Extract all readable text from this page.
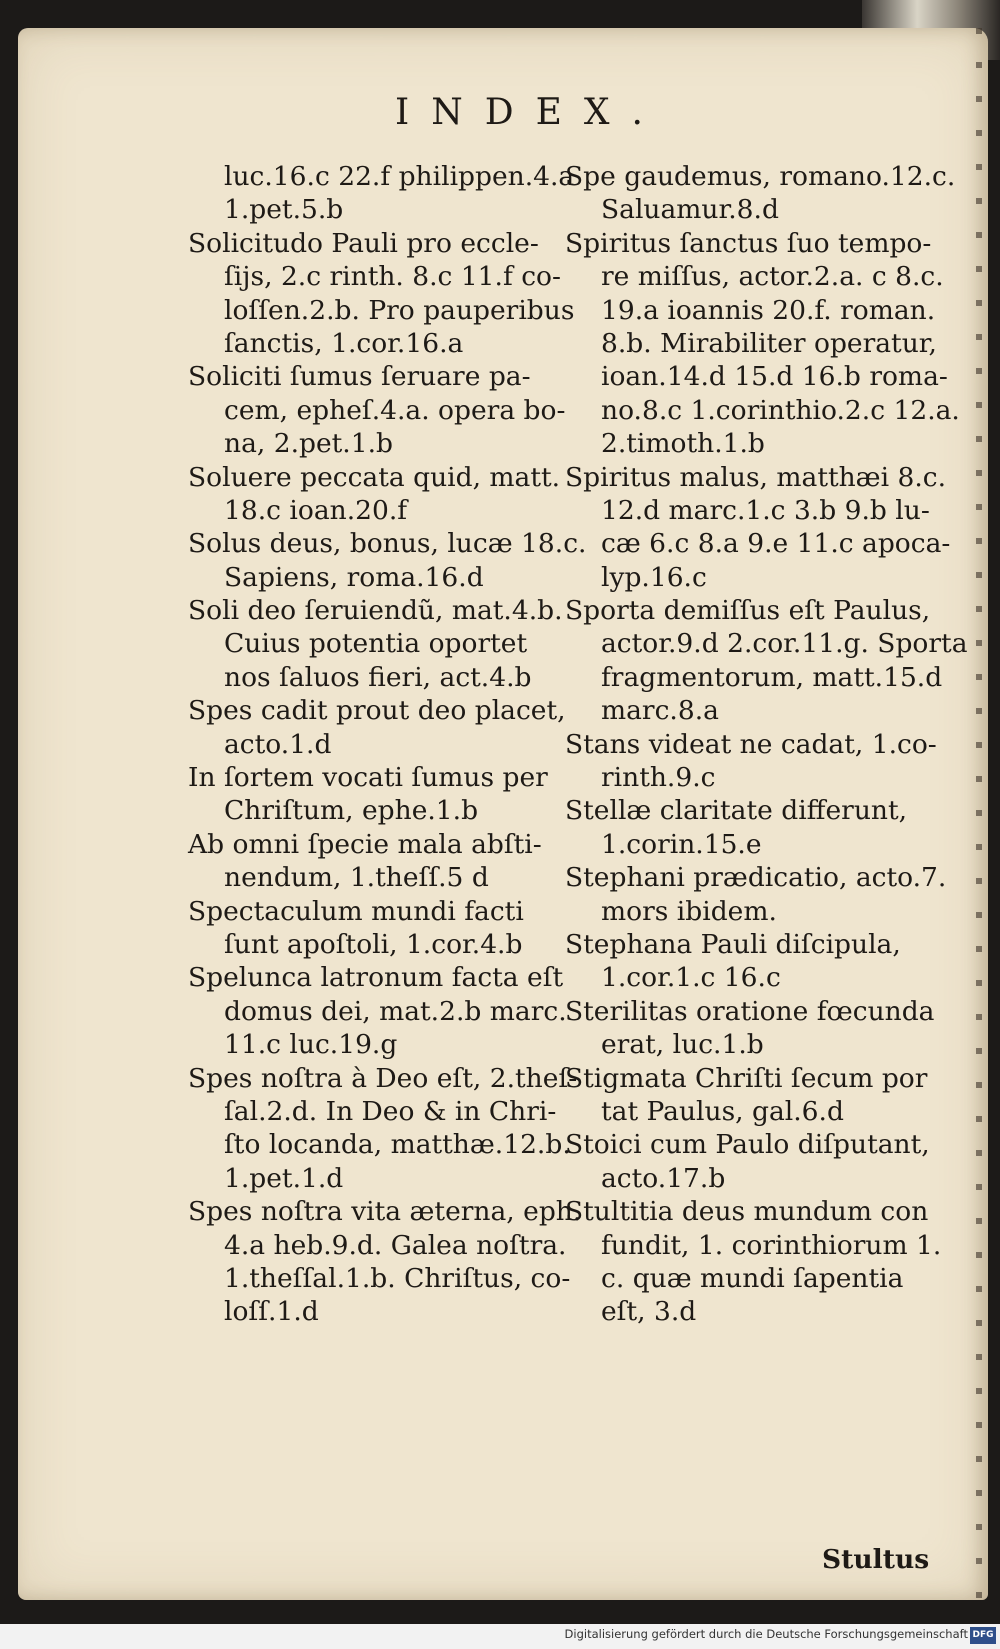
INDEX.
luc.16.c 22.f philippen.4.a
1.pet.5.b
Solicitudo Pauli pro eccle-
ſijs, 2.c rinth. 8.c 11.f co-
loſſen.2.b. Pro pauperibus
ſanctis, 1.cor.16.a
Soliciti ſumus ſeruare pa-
cem, epheſ.4.a. opera bo-
na, 2.pet.1.b
Soluere peccata quid, matt.
18.c ioan.20.f
Solus deus, bonus, lucæ 18.c.
Sapiens, roma.16.d
Soli deo ſeruiendũ, mat.4.b.
Cuius potentia oportet
nos ſaluos fieri, act.4.b
Spes cadit prout deo placet,
acto.1.d
In ſortem vocati ſumus per
Chriſtum, ephe.1.b
Ab omni ſpecie mala abſti-
nendum, 1.theſſ.5 d
Spectaculum mundi facti
ſunt apoſtoli, 1.cor.4.b
Spelunca latronum facta eſt
domus dei, mat.2.b marc.
11.c luc.19.g
Spes noſtra à Deo eſt, 2.theſ-
ſal.2.d. In Deo & in Chri-
ſto locanda, matthæ.12.b.
1.pet.1.d
Spes noſtra vita æterna, eph.
4.a heb.9.d. Galea noſtra.
1.theſſal.1.b. Chriſtus, co-
loſſ.1.d
Spe gaudemus, romano.12.c.
Saluamur.8.d
Spiritus ſanctus ſuo tempo-
re miſſus, actor.2.a. c 8.c.
19.a ioannis 20.f. roman.
8.b. Mirabiliter operatur,
ioan.14.d 15.d 16.b roma-
no.8.c 1.corinthio.2.c 12.a.
2.timoth.1.b
Spiritus malus, matthæi 8.c.
12.d marc.1.c 3.b 9.b lu-
cæ 6.c 8.a 9.e 11.c apoca-
lyp.16.c
Sporta demiſſus eſt Paulus,
actor.9.d 2.cor.11.g. Sporta
fragmentorum, matt.15.d
marc.8.a
Stans videat ne cadat, 1.co-
rinth.9.c
Stellæ claritate differunt,
1.corin.15.e
Stephani prædicatio, acto.7.
mors ibidem.
Stephana Pauli diſcipula,
1.cor.1.c 16.c
Sterilitas oratione fœcunda
erat, luc.1.b
Stigmata Chriſti ſecum por
tat Paulus, gal.6.d
Stoici cum Paulo diſputant,
acto.17.b
Stultitia deus mundum con
fundit, 1. corinthiorum 1.
c. quæ mundi ſapentia
eſt, 3.d
Stultus
Digitalisierung gefördert durch die Deutsche Forschungsgemeinschaft DFG
